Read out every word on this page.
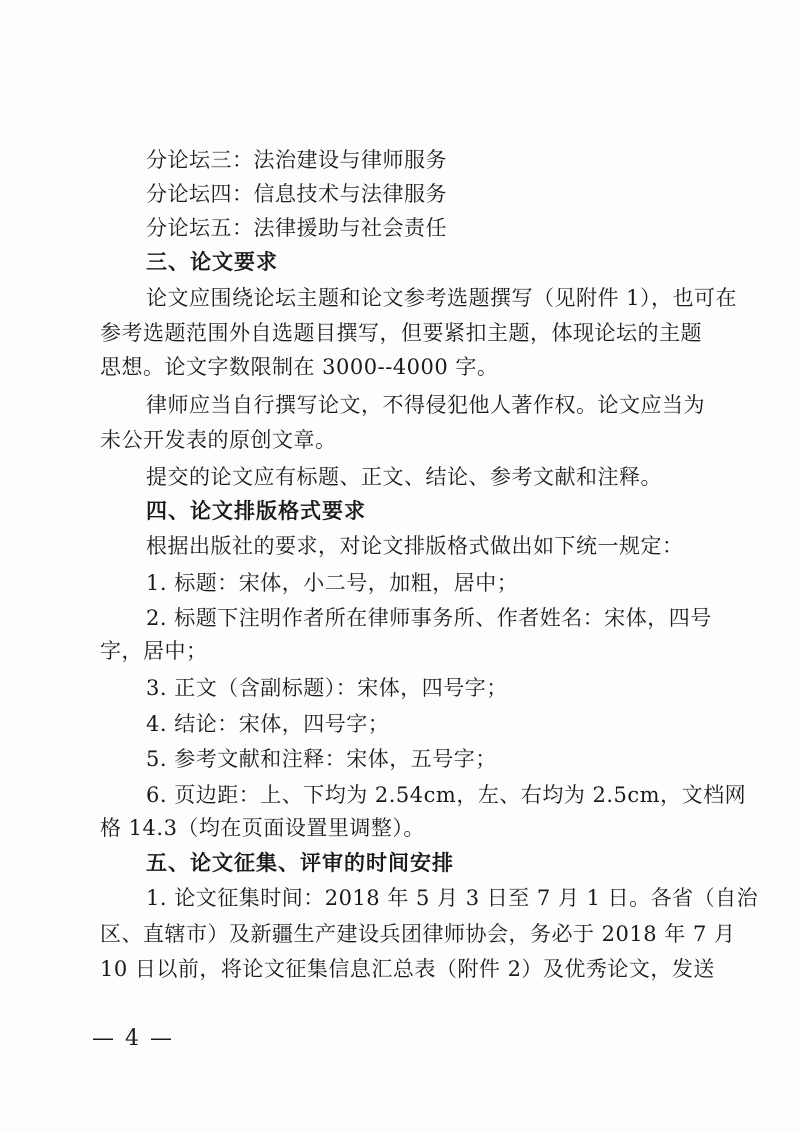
分论坛三：法治建设与律师服务
分论坛四：信息技术与法律服务
分论坛五：法律援助与社会责任
三、论文要求
论文应围绕论坛主题和论文参考选题撰写（见附件 1），也可在
参考选题范围外自选题目撰写，但要紧扣主题，体现论坛的主题
思想。论文字数限制在 3000--4000 字。
律师应当自行撰写论文，不得侵犯他人著作权。论文应当为
未公开发表的原创文章。
提交的论文应有标题、正文、结论、参考文献和注释。
四、论文排版格式要求
根据出版社的要求，对论文排版格式做出如下统一规定：
1. 标题：宋体，小二号，加粗，居中；
2. 标题下注明作者所在律师事务所、作者姓名：宋体，四号
字，居中；
3. 正文（含副标题）：宋体，四号字；
4. 结论：宋体，四号字；
5. 参考文献和注释：宋体，五号字；
6. 页边距：上、下均为 2.54cm，左、右均为 2.5cm，文档网
格 14.3（均在页面设置里调整）。
五、论文征集、评审的时间安排
1. 论文征集时间：2018 年 5 月 3 日至 7 月 1 日。各省（自治
区、直辖市）及新疆生产建设兵团律师协会，务必于 2018 年 7 月
10 日以前，将论文征集信息汇总表（附件 2）及优秀论文，发送
— 4 —
